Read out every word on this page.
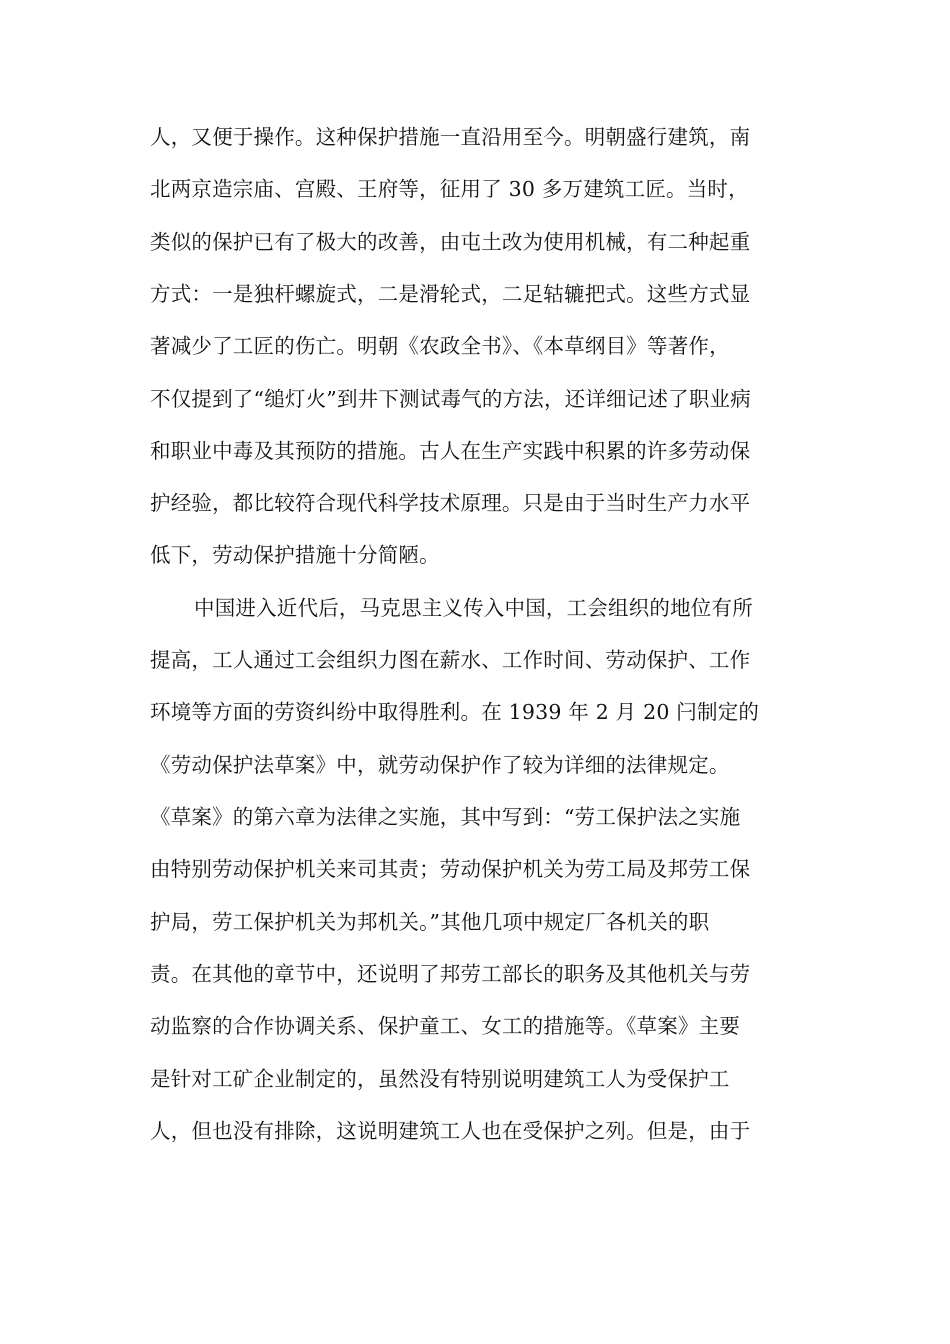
人，又便于操作。这种保护措施一直沿用至今。明朝盛行建筑，南
北两京造宗庙、宫殿、王府等，征用了 30 多万建筑工匠。当时，
类似的保护已有了极大的改善，由屯土改为使用机械，有二种起重
方式：一是独杆螺旋式，二是滑轮式，二足轱辘把式。这些方式显
著减少了工匠的伤亡。明朝《农政全书》、《本草纲目》等著作，
不仅提到了“缒灯火”到井下测试毒气的方法，还详细记述了职业病
和职业中毒及其预防的措施。古人在生产实践中积累的许多劳动保
护经验，都比较符合现代科学技术原理。只是由于当时生产力水平
低下，劳动保护措施十分简陋。
中国进入近代后，马克思主义传入中国，工会组织的地位有所
提高，工人通过工会组织力图在薪水、工作时间、劳动保护、工作
环境等方面的劳资纠纷中取得胜利。在 1939 年 2 月 20 闩制定的
《劳动保护法草案》中，就劳动保护作了较为详细的法律规定。
《草案》的第六章为法律之实施，其中写到：“劳工保护法之实施
由特别劳动保护机关来司其责；劳动保护机关为劳工局及邦劳工保
护局，劳工保护机关为邦机关。”其他几项中规定厂各机关的职
责。在其他的章节中，还说明了邦劳工部长的职务及其他机关与劳
动监察的合作协调关系、保护童工、女工的措施等。《草案》主要
是针对工矿企业制定的，虽然没有特别说明建筑工人为受保护工
人，但也没有排除，这说明建筑工人也在受保护之列。但是，由于
